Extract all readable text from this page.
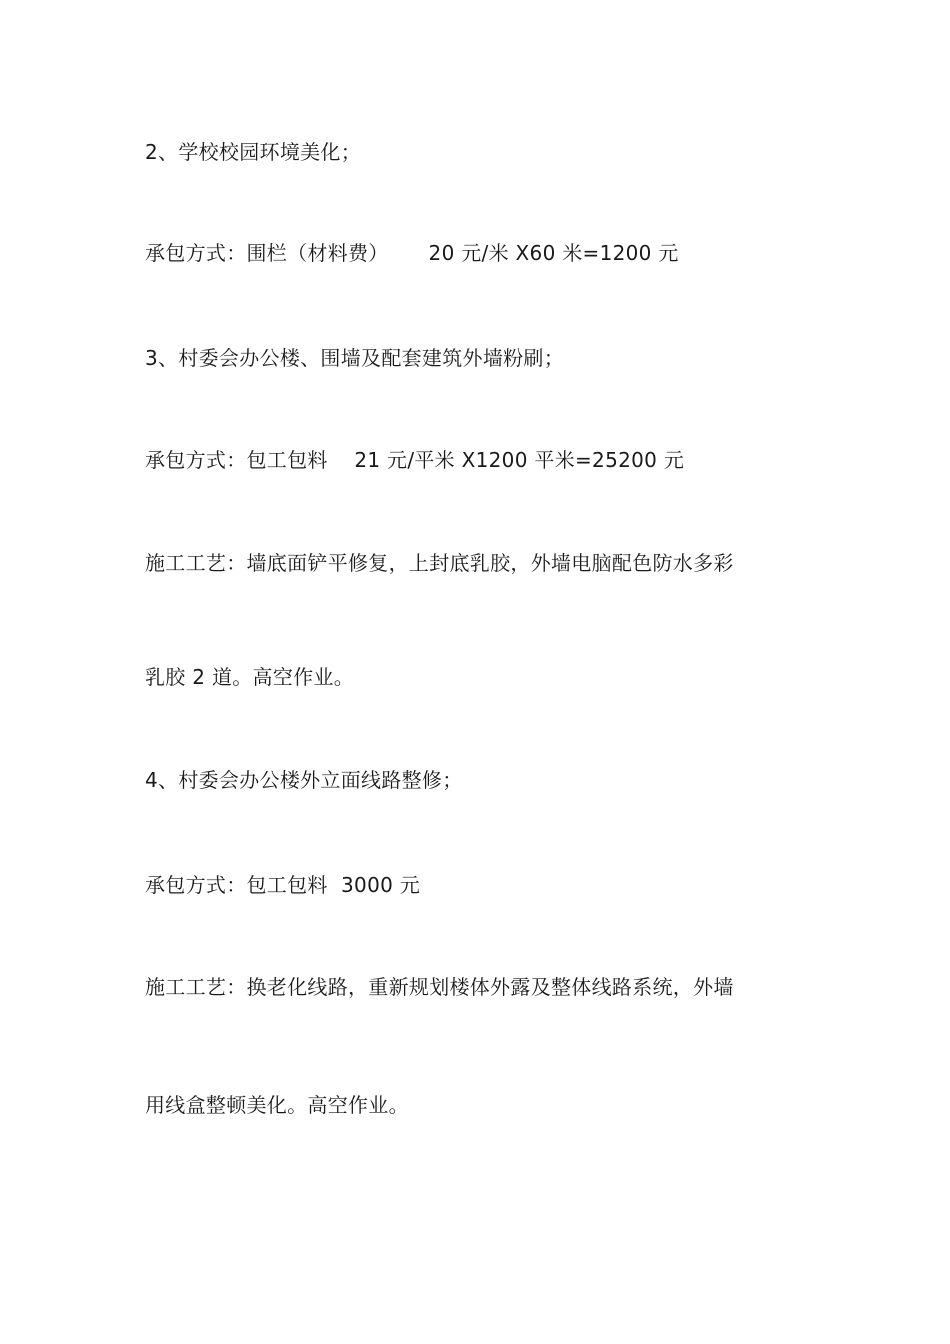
2、学校校园环境美化；
承包方式：围栏（材料费）      20 元/米 X60 米=1200 元
3、村委会办公楼、围墙及配套建筑外墙粉刷；
承包方式：包工包料    21 元/平米 X1200 平米=25200 元
施工工艺：墙底面铲平修复，上封底乳胶，外墙电脑配色防水多彩
乳胶 2 道。高空作业。
4、村委会办公楼外立面线路整修；
承包方式：包工包料  3000 元
施工工艺：换老化线路，重新规划楼体外露及整体线路系统，外墙
用线盒整顿美化。高空作业。
